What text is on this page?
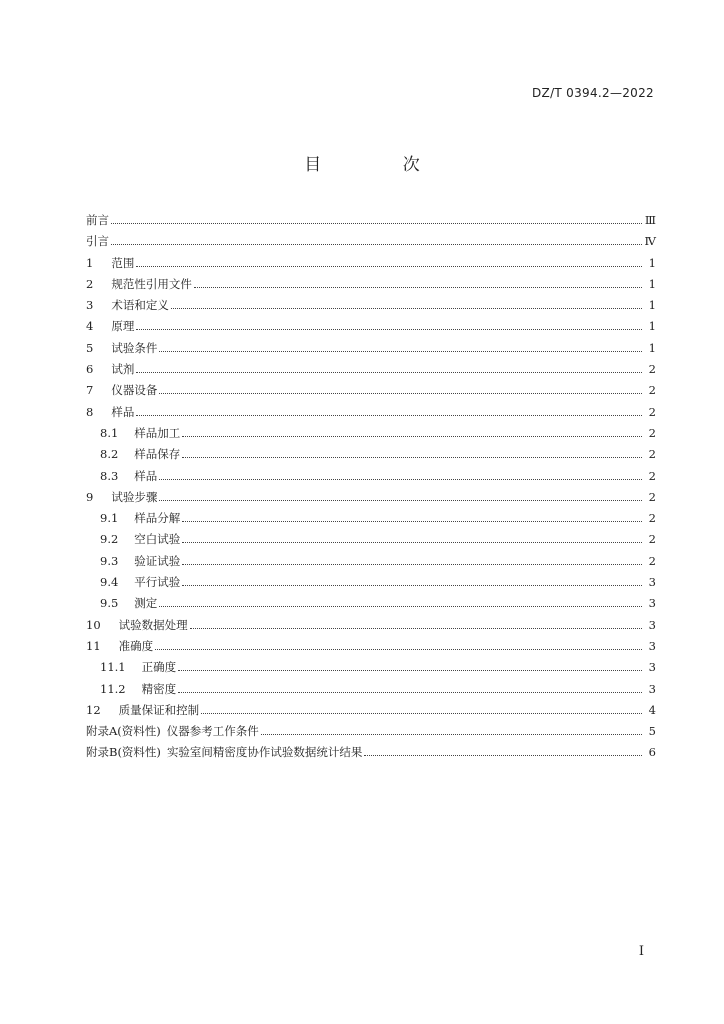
DZ/T 0394.2—2022
目 次
前言	Ⅲ
引言	Ⅳ
1 范围	1
2 规范性引用文件	1
3 术语和定义	1
4 原理	1
5 试验条件	1
6 试剂	2
7 仪器设备	2
8 样品	2
8.1 样品加工	2
8.2 样品保存	2
8.3 样品	2
9 试验步骤	2
9.1 样品分解	2
9.2 空白试验	2
9.3 验证试验	2
9.4 平行试验	3
9.5 测定	3
10 试验数据处理	3
11 准确度	3
11.1 正确度	3
11.2 精密度	3
12 质量保证和控制	4
附录A(资料性) 仪器参考工作条件	5
附录B(资料性) 实验室间精密度协作试验数据统计结果	6
I
